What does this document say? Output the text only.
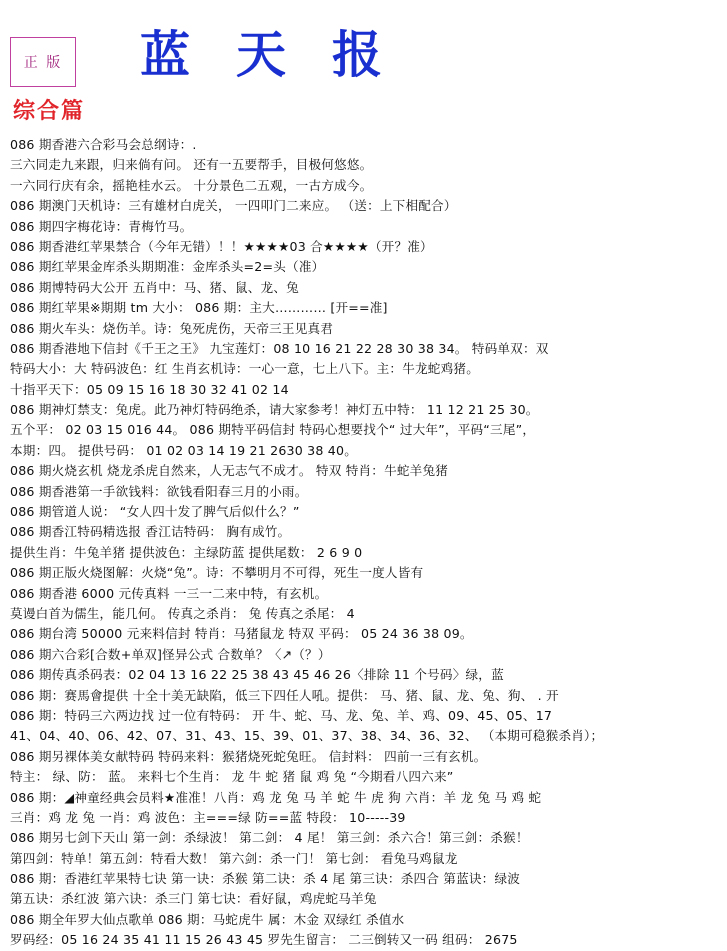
正 版 蓝天报
综合篇
086 期香港六合彩马会总纲诗：.
三六同走九来跟，归来倘有问。 还有一五要帮手，目极何悠悠。
一六同行庆有余，摇艳桂水云。 十分景色二五观，一古方成今。
086 期澳门天机诗：三有雄材白虎关， 一四叩门二来应。 （送：上下相配合）
086 期四字梅花诗：青梅竹马。
086 期香港红苹果禁合（今年无错）！！★★★★03 合★★★★（开？准）
086 期红苹果金库杀头期期准：金库杀头=2=头（准）
086 期博特码大公开 五肖中：马、猪、鼠、龙、兔
086 期红苹果※期期 tm 大小： 086 期：主大………… [开==准]
086 期火车头：烧伤羊。诗：兔死虎伤，天帝三王见真君
086 期香港地下信封《千王之王》 九宝莲灯：08 10 16 21 22 28 30 38 34。 特码单双：双
特码大小：大 特码波色：红 生肖玄机诗：一心一意，七上八下。主：牛龙蛇鸡猪。
十指平天下：05 09 15 16 18 30 32 41 02 14
086 期神灯禁支：兔虎。此乃神灯特码绝杀，请大家参考！神灯五中特： 11 12 21 25 30。
五个平： 02 03 15 016 44。 086 期特平码信封 特码心想要找个“ 过大年”，平码“三尾”，
本期：四。 提供号码： 01 02 03 14 19 21 2630 38 40。
086 期火烧玄机 烧龙杀虎自然来，人无志气不成才。 特双 特肖：牛蛇羊兔猪
086 期香港第一手欲钱料：欲钱看阳春三月的小雨。
086 期管道人说： “女人四十发了脾气后似什么？”
086 期香江特码精选报 香江诘特码： 胸有成竹。
提供生肖：牛兔羊猪 提供波色：主绿防蓝 提供尾数： 2 6 9 0
086 期正版火烧图解：火烧“兔”。诗：不攀明月不可得，死生一度人皆有
086 期香港 6000 元传真料 一三一二来中特，有玄机。
莫谩白首为儒生，能几何。 传真之杀肖： 兔 传真之杀尾： 4
086 期台湾 50000 元来料信封 特肖：马猪鼠龙 特双 平码： 05 24 36 38 09。
086 期六合彩[合数+单双]怪异公式 合数单？〈↗（？）
086 期传真杀码表：02 04 13 16 22 25 38 43 45 46 26〈排除 11 个号码〉绿，蓝
086 期：赛馬會提供 十全十美无缺陷，低三下四任人吼。提供： 马、猪、鼠、龙、兔、狗、 . 开
086 期：特码三六两边找 过一位有特码： 开 牛、蛇、马、龙、兔、羊、鸡、09、45、05、17
41、04、40、06、42、07、31、43、15、39、01、37、38、34、36、32、 （本期可稳猴杀肖）；
086 期另裸体美女献特码 特码来料：猴猪烧死蛇兔旺。 信封料： 四前一三有玄机。
特主： 绿、防： 蓝。 来料七个生肖： 龙 牛 蛇 猪 鼠 鸡 兔 “今期看八四六来”
086 期：◢神童经典会员料★准准！八肖：鸡 龙 兔 马 羊 蛇 牛 虎 狗 六肖：羊 龙 兔 马 鸡 蛇
三肖：鸡 龙 兔 一肖：鸡 波色：主===绿 防==蓝 特段： 10-----39
086 期另七剑下天山 第一剑：杀绿波！ 第二剑： 4 尾！ 第三剑：杀六合！第三剑：杀猴！
第四剑：特单！第五剑：特看大数！ 第六剑：杀一门！ 第七剑： 看兔马鸡鼠龙
086 期：香港红苹果特七诀 第一诀：杀猴 第二诀：杀 4 尾 第三诀：杀四合 第蓝诀：绿波
第五诀：杀红波 第六诀：杀三门 第七诀：看好鼠，鸡虎蛇马羊兔
086 期全年罗大仙点歌单 086 期：马蛇虎牛 属：木金 双绿红 杀值水
罗码经：05 16 24 35 41 11 15 26 43 45 罗先生留言： 二三倒转又一码 组码： 2675
